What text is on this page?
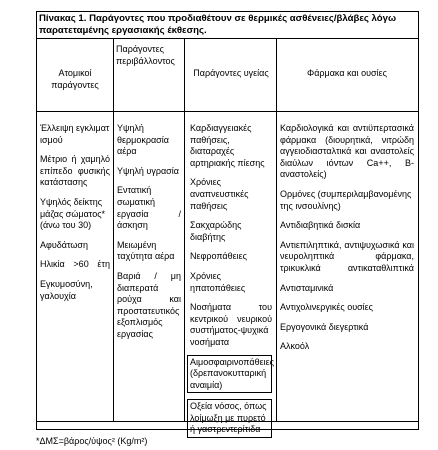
Πίνακας 1. Παράγοντες που προδιαθέτουν σε θερμικές ασθένειες/βλάβες λόγω παρατεταμένης εργασιακής έκθεσης.
Ατομικοί παράγοντες
Παράγοντες περιβάλλοντος
Παράγοντες υγείας	Φάρμακα και ουσίες

Έλλειψη εγκλιματισμού

Μέτριο ή χαμηλό επίπεδο φυσικής κατάστασης

Υψηλός δείκτης μάζας σώματος* (άνω του 30)

Αφυδάτωση

Ηλικία >60 έτη

Εγκυμοσύνη, γαλουχία

Υψηλή θερμοκρασία αέρα

Υψηλή υγρασία

Εντατική σωματική εργασία / άσκηση

Μειωμένη ταχύτητα αέρα

Βαριά / μη διαπερατά ρούχα και προστατευτικός εξοπλισμός εργασίας

Καρδιαγγειακές παθήσεις, διαταραχές αρτηριακής πίεσης

Χρόνιες αναπνευστικές παθήσεις

Σακχαρώδης διαβήτης

Νεφροπάθειες

Χρόνιες ηπατοπάθειες

Νοσήματα του κεντρικού νευρικού συστήματος-ψυχικά νοσήματα

Αιμοσφαιρινοπάθειες (δρεπανοκυτταρική αναιμία)

Οξεία νόσος, όπως λοίμωξη με πυρετό ή γαστρεντερίτιδα

Καρδιολογικά και αντιϋπερτασικά φάρμακα (διουρητικά, νιτρώδη αγγειοδιασταλτικά και αναστολείς διαύλων ιόντων Ca++, Β-αναστολείς)

Ορμόνες (συμπεριλαμβανομένης της ινσουλίνης)

Αντιδιαβητικά δισκία

Αντιεπιληπτικά, αντιψυχωσικά και νευροληπτικά φάρμακα, τρικυκλικά αντικαταθλιπτικά

Αντισταμινικά

Αντιχολινεργικές ουσίες

Εργογονικά διεγερτικά

Αλκοόλ

*ΔΜΣ=βάρος/ύψος² (Kg/m²)
